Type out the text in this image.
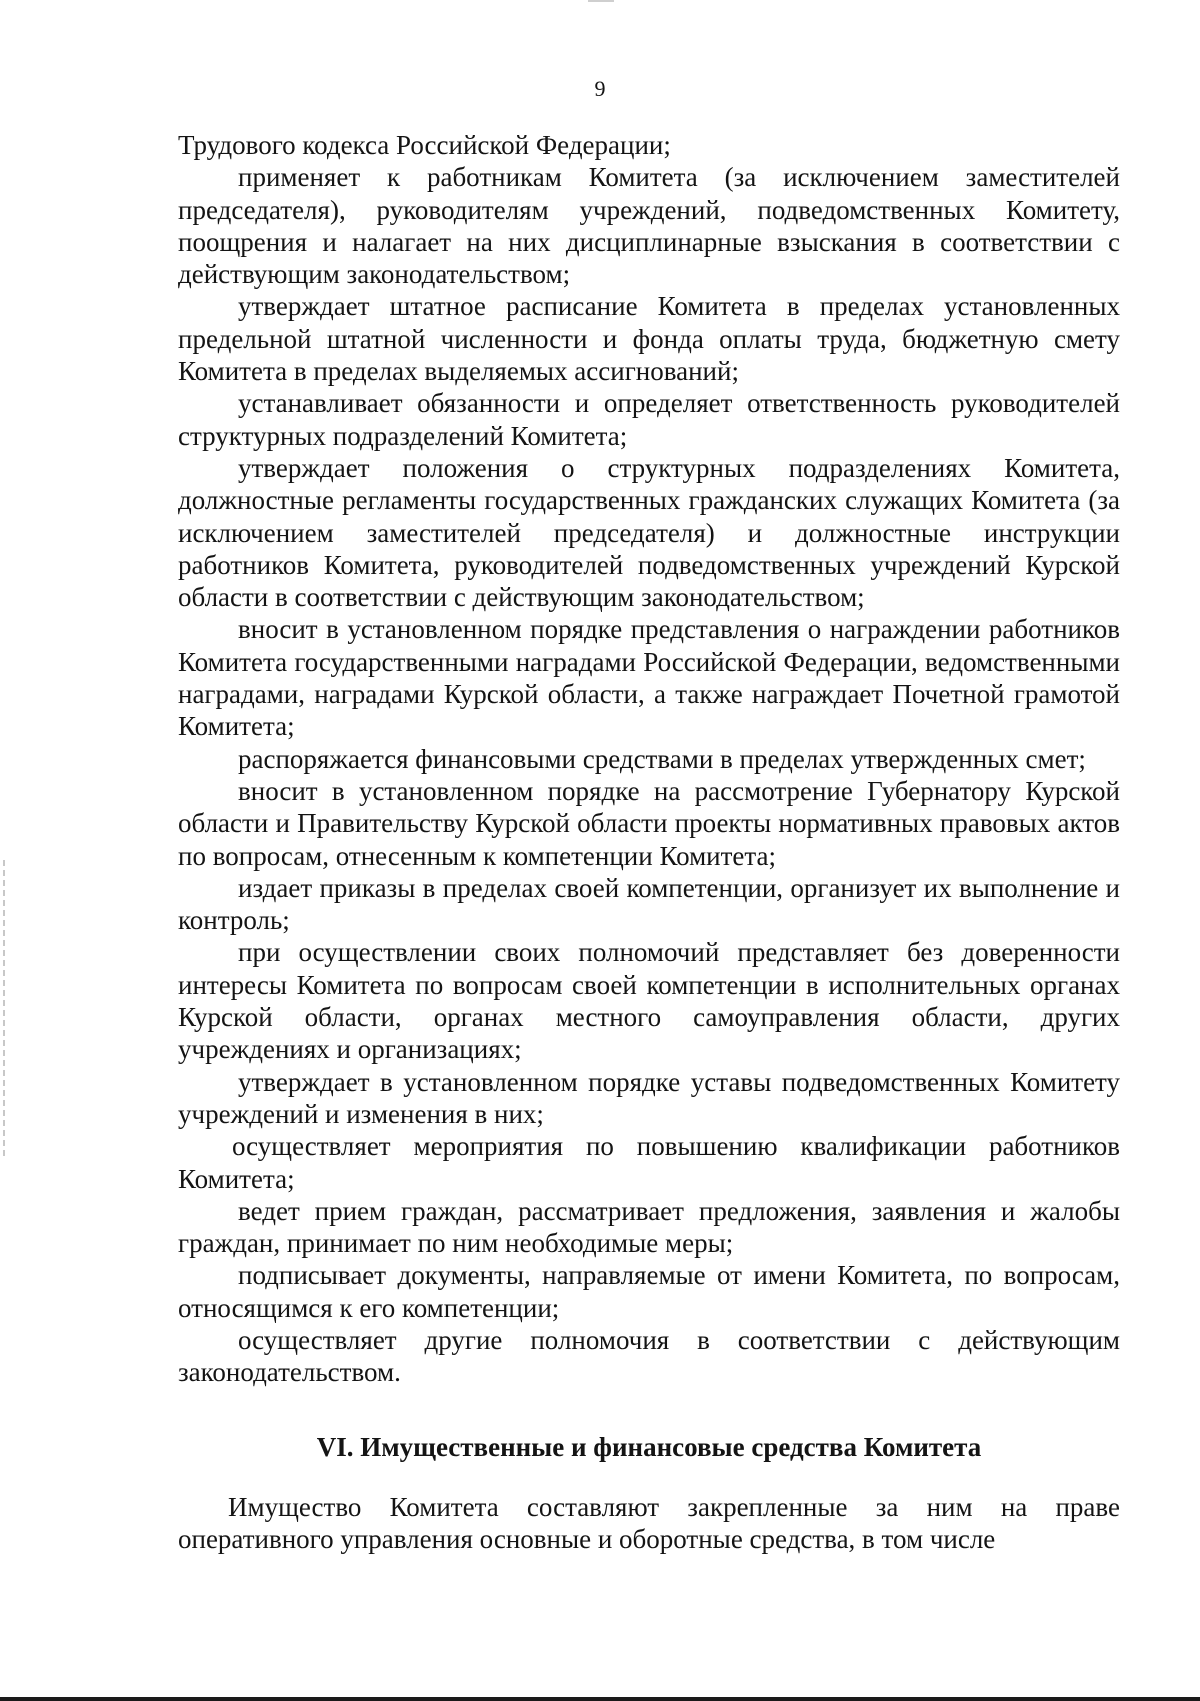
9

Трудового кодекса Российской Федерации;

применяет к работникам Комитета (за исключением заместителей председателя), руководителям учреждений, подведомственных Комитету, поощрения и налагает на них дисциплинарные взыскания в соответствии с действующим законодательством;

утверждает штатное расписание Комитета в пределах установленных предельной штатной численности и фонда оплаты труда, бюджетную смету Комитета в пределах выделяемых ассигнований;

устанавливает обязанности и определяет ответственность руководителей структурных подразделений Комитета;

утверждает положения о структурных подразделениях Комитета, должностные регламенты государственных гражданских служащих Комитета (за исключением заместителей председателя) и должностные инструкции работников Комитета, руководителей подведомственных учреждений Курской области в соответствии с действующим законодательством;

вносит в установленном порядке представления о награждении работников Комитета государственными наградами Российской Федерации, ведомственными наградами, наградами Курской области, а также награждает Почетной грамотой Комитета;

распоряжается финансовыми средствами в пределах утвержденных смет;

вносит в установленном порядке на рассмотрение Губернатору Курской области и Правительству Курской области проекты нормативных правовых актов по вопросам, отнесенным к компетенции Комитета;

издает приказы в пределах своей компетенции, организует их выполнение и контроль;

при осуществлении своих полномочий представляет без доверенности интересы Комитета по вопросам своей компетенции в исполнительных органах Курской области, органах местного самоуправления области, других учреждениях и организациях;

утверждает в установленном порядке уставы подведомственных Комитету учреждений и изменения в них;

осуществляет мероприятия по повышению квалификации работников Комитета;

ведет прием граждан, рассматривает предложения, заявления и жалобы граждан, принимает по ним необходимые меры;

подписывает документы, направляемые от имени Комитета, по вопросам, относящимся к его компетенции;

осуществляет другие полномочия в соответствии с действующим законодательством.

VI. Имущественные и финансовые средства Комитета

Имущество Комитета составляют закрепленные за ним на праве оперативного управления основные и оборотные средства, в том числе
